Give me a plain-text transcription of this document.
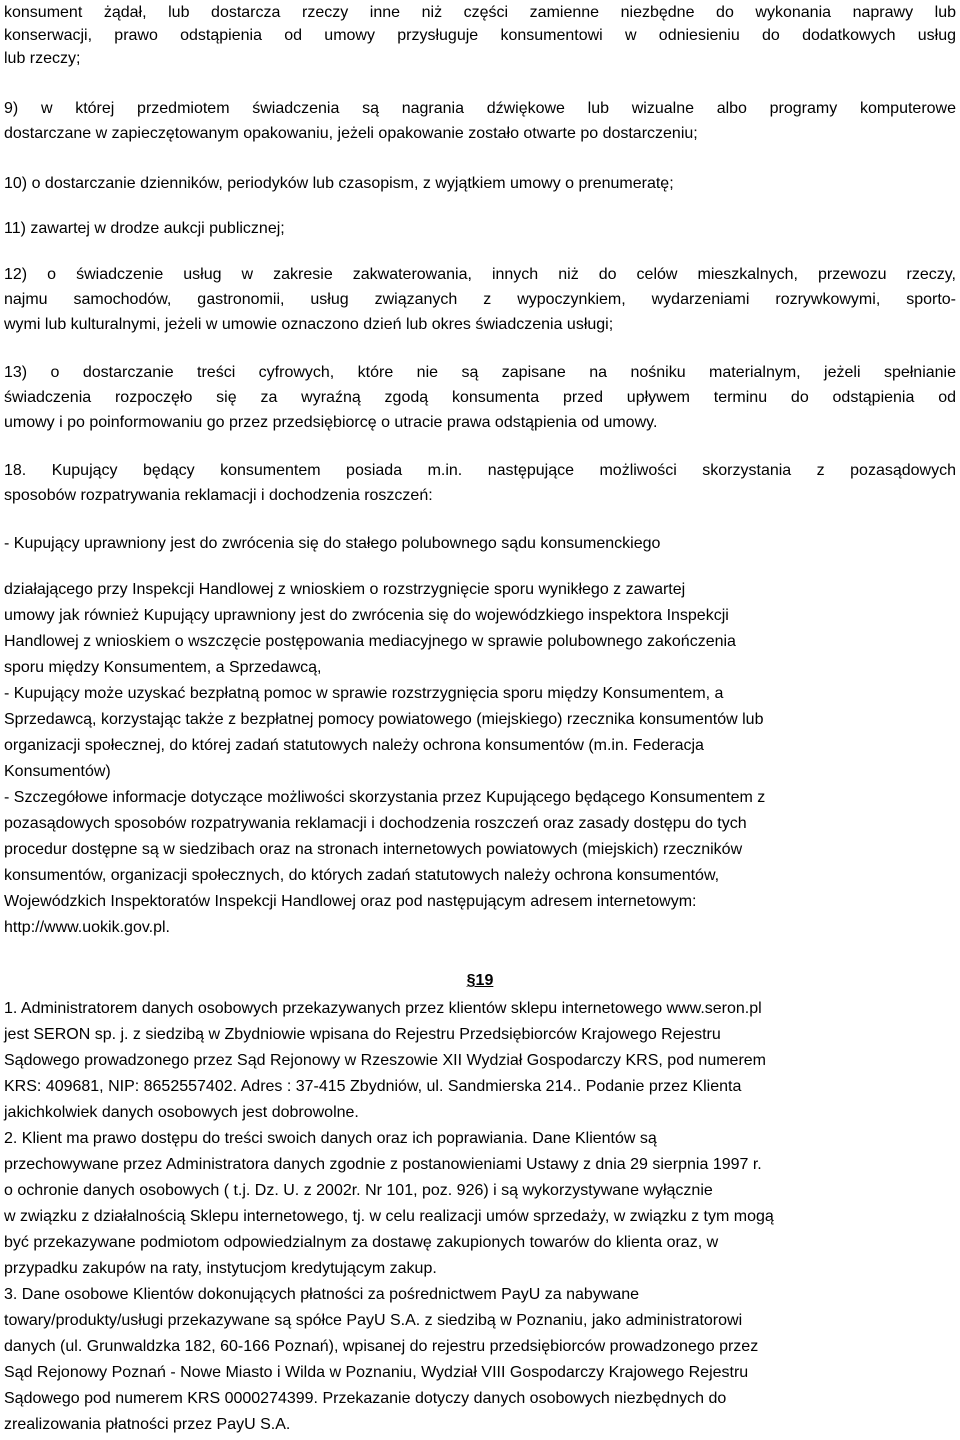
konsument żądał, lub dostarcza rzeczy inne niż części zamienne niezbędne do wykonania naprawy lub
konserwacji, prawo odstąpienia od umowy przysługuje konsumentowi w odniesieniu do dodatkowych usług
lub rzeczy;
9) w której przedmiotem świadczenia są nagrania dźwiękowe lub wizualne albo programy komputerowe
dostarczane w zapieczętowanym opakowaniu, jeżeli opakowanie zostało otwarte po dostarczeniu;
10) o dostarczanie dzienników, periodyków lub czasopism, z wyjątkiem umowy o prenumeratę;
11) zawartej w drodze aukcji publicznej;
12) o świadczenie usług w zakresie zakwaterowania, innych niż do celów mieszkalnych, przewozu rzeczy,
najmu samochodów, gastronomii, usług związanych z wypoczynkiem, wydarzeniami rozrywkowymi, sporto-
wymi lub kulturalnymi, jeżeli w umowie oznaczono dzień lub okres świadczenia usługi;
13) o dostarczanie treści cyfrowych, które nie są zapisane na nośniku materialnym, jeżeli spełnianie
świadczenia rozpoczęło się za wyraźną zgodą konsumenta przed upływem terminu do odstąpienia od
umowy i po poinformowaniu go przez przedsiębiorcę o utracie prawa odstąpienia od umowy.
18. Kupujący będący konsumentem posiada m.in. następujące możliwości skorzystania z pozasądowych
sposobów rozpatrywania reklamacji i dochodzenia roszczeń:
- Kupujący uprawniony jest do zwrócenia się do stałego polubownego sądu konsumenckiego
działającego przy Inspekcji Handlowej z wnioskiem o rozstrzygnięcie sporu wynikłego z zawartej
umowy jak również Kupujący uprawniony jest do zwrócenia się do wojewódzkiego inspektora Inspekcji
Handlowej z wnioskiem o wszczęcie postępowania mediacyjnego w sprawie polubownego zakończenia
sporu między Konsumentem, a Sprzedawcą,
- Kupujący może uzyskać bezpłatną pomoc w sprawie rozstrzygnięcia sporu między Konsumentem, a
Sprzedawcą, korzystając także z bezpłatnej pomocy powiatowego (miejskiego) rzecznika konsumentów lub
organizacji społecznej, do której zadań statutowych należy ochrona konsumentów (m.in. Federacja
Konsumentów)
- Szczegółowe informacje dotyczące możliwości skorzystania przez Kupującego będącego Konsumentem z
pozasądowych sposobów rozpatrywania reklamacji i dochodzenia roszczeń oraz zasady dostępu do tych
procedur dostępne są w siedzibach oraz na stronach internetowych powiatowych (miejskich) rzeczników
konsumentów, organizacji społecznych, do których zadań statutowych należy ochrona konsumentów,
Wojewódzkich Inspektoratów Inspekcji Handlowej oraz pod następującym adresem internetowym:
http://www.uokik.gov.pl.
§19
1. Administratorem danych osobowych przekazywanych przez klientów sklepu internetowego www.seron.pl
jest SERON sp. j. z siedzibą w Zbydniowie wpisana do Rejestru Przedsiębiorców Krajowego Rejestru
Sądowego prowadzonego przez Sąd Rejonowy w Rzeszowie XII Wydział Gospodarczy KRS, pod numerem
KRS: 409681, NIP: 8652557402. Adres : 37-415 Zbydniów, ul. Sandmierska 214.. Podanie przez Klienta
jakichkolwiek danych osobowych jest dobrowolne.
2. Klient ma prawo dostępu do treści swoich danych oraz ich poprawiania. Dane Klientów są
przechowywane przez Administratora danych zgodnie z postanowieniami Ustawy z dnia 29 sierpnia 1997 r.
o ochronie danych osobowych ( t.j. Dz. U. z 2002r. Nr 101, poz. 926) i są wykorzystywane wyłącznie
w związku z działalnością Sklepu internetowego, tj. w celu realizacji umów sprzedaży, w związku z tym mogą
być przekazywane podmiotom odpowiedzialnym za dostawę zakupionych towarów do klienta oraz, w
przypadku zakupów na raty, instytucjom kredytującym zakup.
3. Dane osobowe Klientów dokonujących płatności za pośrednictwem PayU za nabywane
towary/produkty/usługi przekazywane są spółce PayU S.A. z siedzibą w Poznaniu, jako administratorowi
danych (ul. Grunwaldzka 182, 60-166 Poznań), wpisanej do rejestru przedsiębiorców prowadzonego przez
Sąd Rejonowy Poznań - Nowe Miasto i Wilda w Poznaniu, Wydział VIII Gospodarczy Krajowego Rejestru
Sądowego pod numerem KRS 0000274399. Przekazanie dotyczy danych osobowych niezbędnych do
zrealizowania płatności przez PayU S.A.
